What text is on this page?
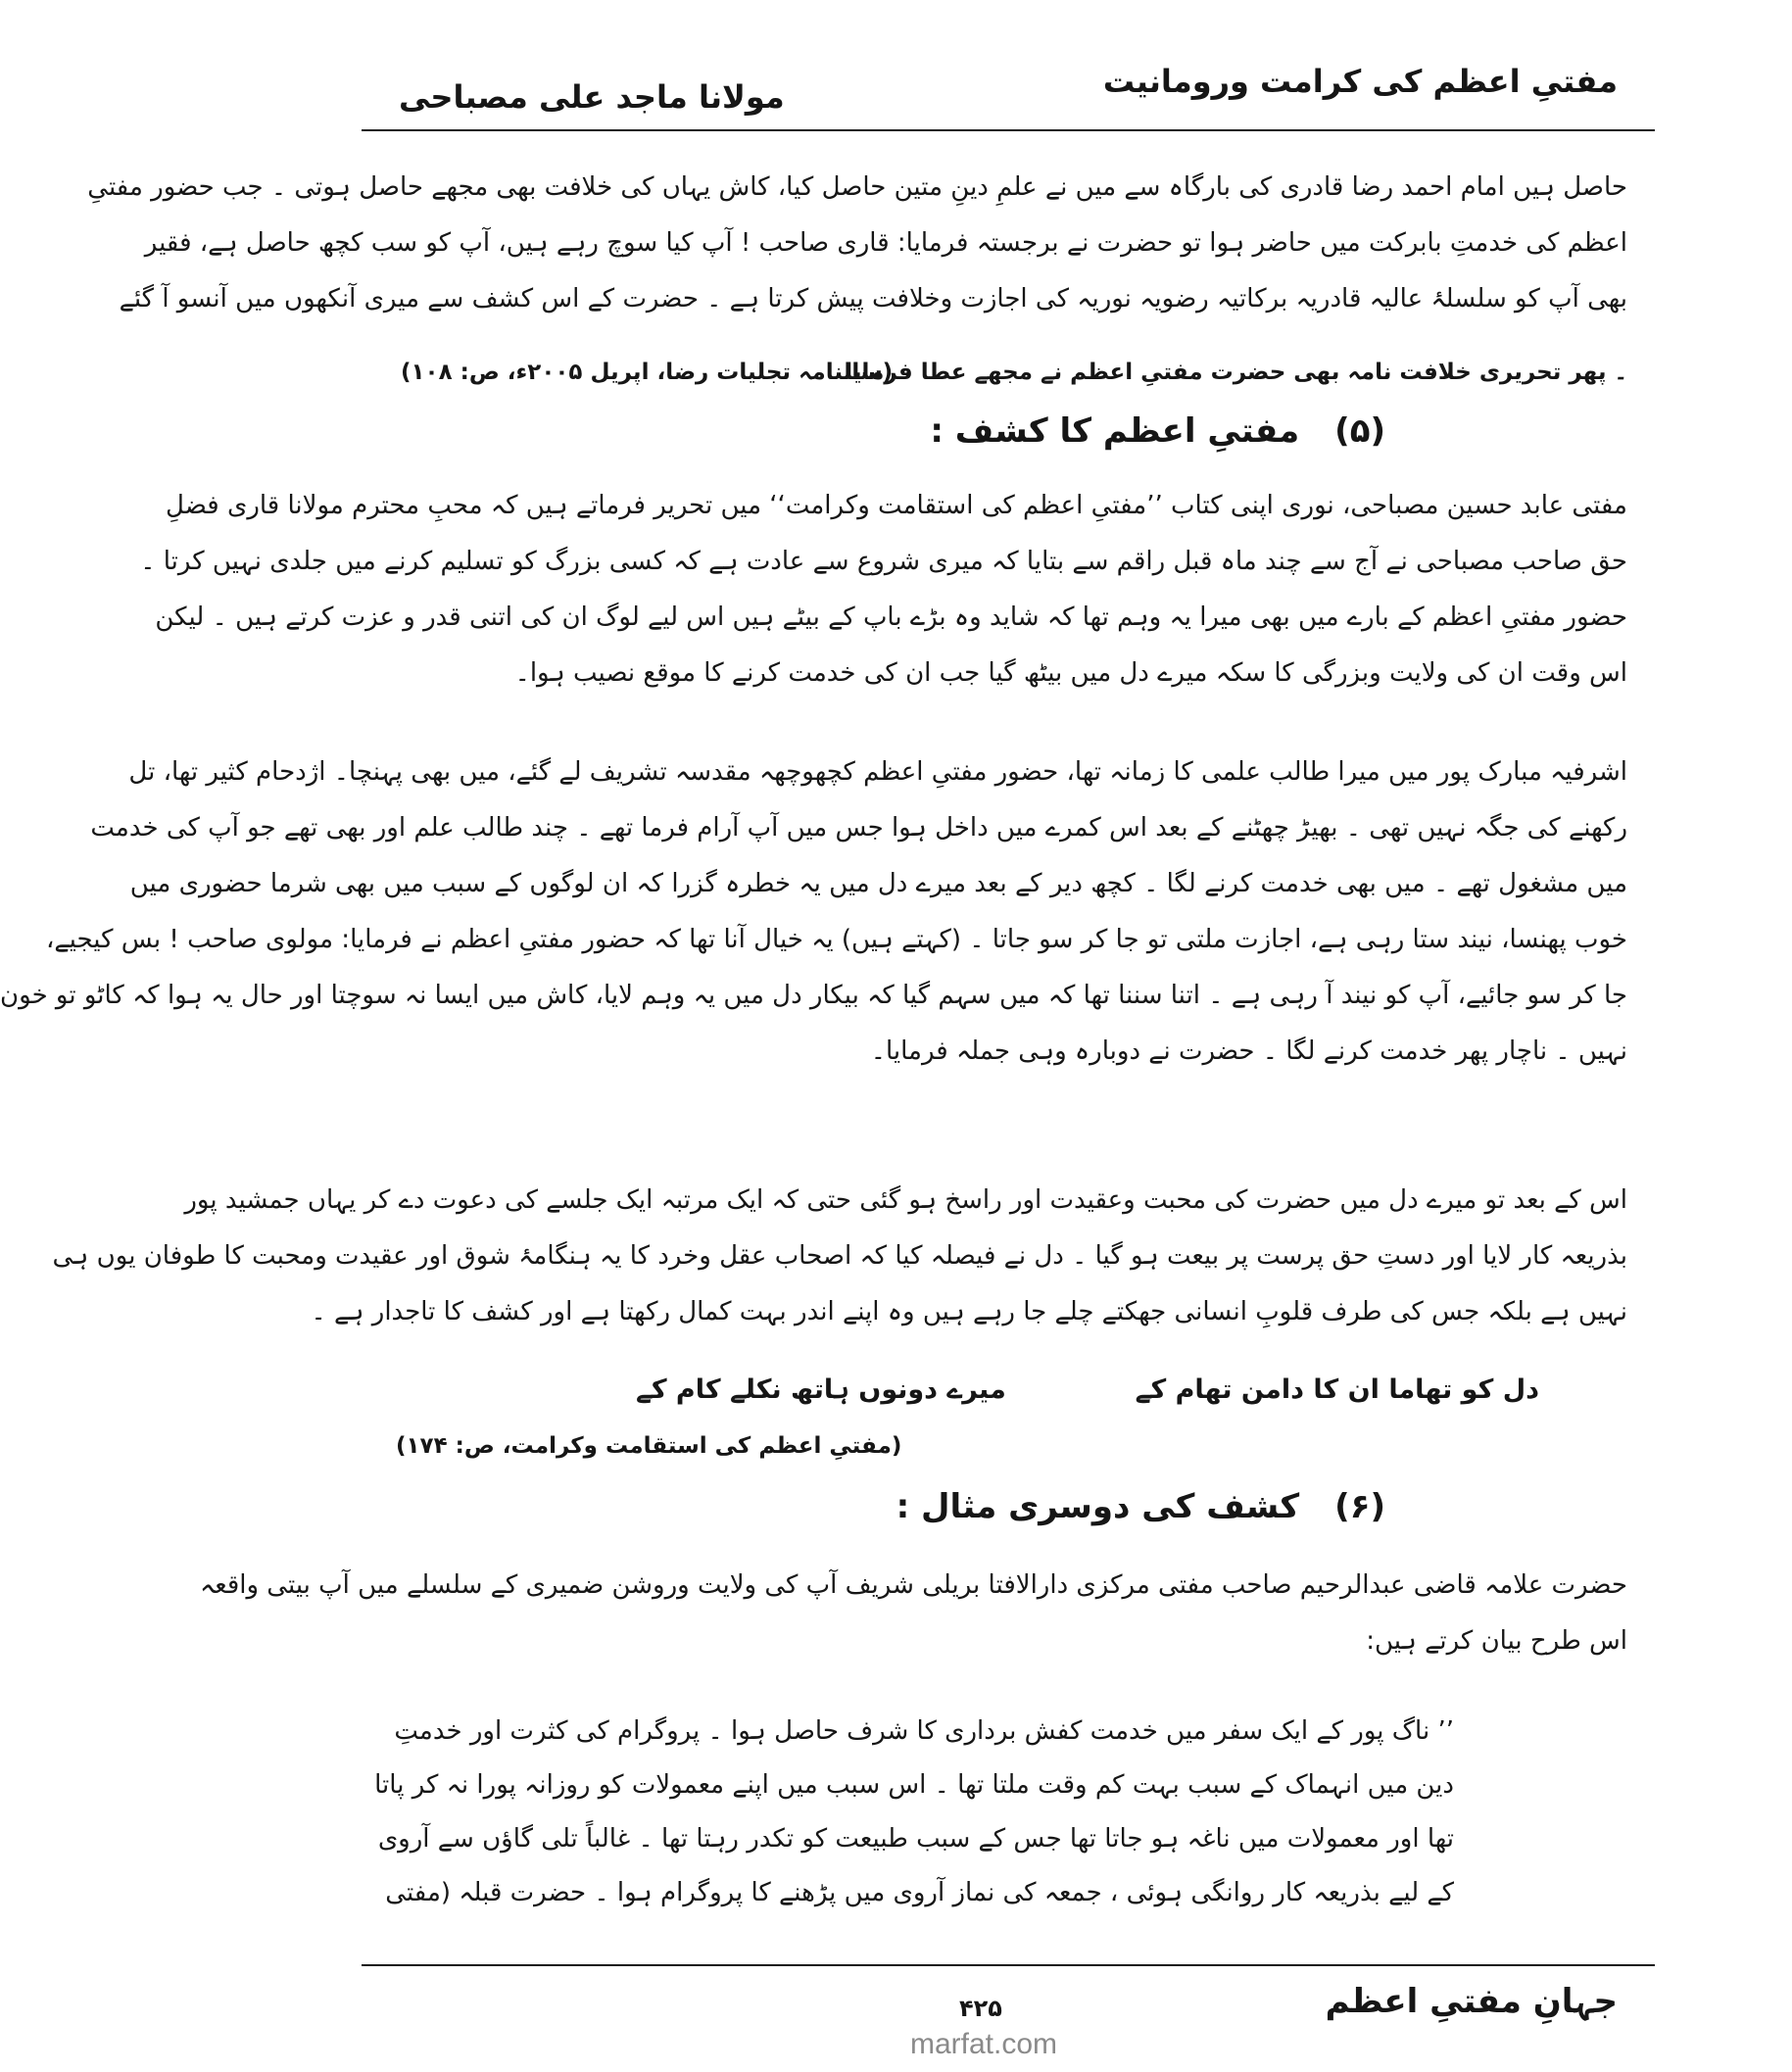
مفتیِ اعظم کی کرامت ورومانیت
مولانا ماجد علی مصباحی
حاصل ہیں امام احمد رضا قادری کی بارگاہ سے میں نے علمِ دینِ متین حاصل کیا، کاش یہاں کی خلافت بھی مجھے حاصل ہوتی ۔ جب حضور مفتیِ
اعظم کی خدمتِ بابرکت میں حاضر ہوا تو حضرت نے برجستہ فرمایا: قاری صاحب ! آپ کیا سوچ رہے ہیں، آپ کو سب کچھ حاصل ہے، فقیر
بھی آپ کو سلسلۂ عالیہ قادریہ برکاتیہ رضویہ نوریہ کی اجازت وخلافت پیش کرتا ہے ۔ حضرت کے اس کشف سے میری آنکھوں میں آنسو آ گئے
۔ پھر تحریری خلافت نامہ بھی حضرت مفتیِ اعظم نے مجھے عطا فرمایا
(سالنامہ تجلیات رضا، اپریل ۲۰۰۵ء، ص: ۱۰۸)
(۵)مفتیِ اعظم کا کشف :
مفتی عابد حسین مصباحی، نوری اپنی کتاب ’’مفتیِ اعظم کی استقامت وکرامت‘‘ میں تحریر فرماتے ہیں کہ محبِ محترم مولانا قاری فضلِ
حق صاحب مصباحی نے آج سے چند ماہ قبل راقم سے بتایا کہ میری شروع سے عادت ہے کہ کسی بزرگ کو تسلیم کرنے میں جلدی نہیں کرتا ۔
حضور مفتیِ اعظم کے بارے میں بھی میرا یہ وہم تھا کہ شاید وہ بڑے باپ کے بیٹے ہیں اس لیے لوگ ان کی اتنی قدر و عزت کرتے ہیں ۔ لیکن
اس وقت ان کی ولایت وبزرگی کا سکہ میرے دل میں بیٹھ گیا جب ان کی خدمت کرنے کا موقع نصیب ہوا۔
اشرفیہ مبارک پور میں میرا طالب علمی کا زمانہ تھا، حضور مفتیِ اعظم کچھوچھہ مقدسہ تشریف لے گئے، میں بھی پہنچا۔ اژدحام کثیر تھا، تل
رکھنے کی جگہ نہیں تھی ۔ بھیڑ چھٹنے کے بعد اس کمرے میں داخل ہوا جس میں آپ آرام فرما تھے ۔ چند طالب علم اور بھی تھے جو آپ کی خدمت
میں مشغول تھے ۔ میں بھی خدمت کرنے لگا ۔ کچھ دیر کے بعد میرے دل میں یہ خطرہ گزرا کہ ان لوگوں کے سبب میں بھی شرما حضوری میں
خوب پھنسا، نیند ستا رہی ہے، اجازت ملتی تو جا کر سو جاتا ۔ (کہتے ہیں) یہ خیال آنا تھا کہ حضور مفتیِ اعظم نے فرمایا: مولوی صاحب ! بس کیجیے،
جا کر سو جائیے، آپ کو نیند آ رہی ہے ۔ اتنا سننا تھا کہ میں سہم گیا کہ بیکار دل میں یہ وہم لایا، کاش میں ایسا نہ سوچتا اور حال یہ ہوا کہ کاٹو تو خون
نہیں ۔ ناچار پھر خدمت کرنے لگا ۔ حضرت نے دوبارہ وہی جملہ فرمایا۔
اس کے بعد تو میرے دل میں حضرت کی محبت وعقیدت اور راسخ ہو گئی حتی کہ ایک مرتبہ ایک جلسے کی دعوت دے کر یہاں جمشید پور
بذریعہ کار لایا اور دستِ حق پرست پر بیعت ہو گیا ۔ دل نے فیصلہ کیا کہ اصحاب عقل وخرد کا یہ ہنگامۂ شوق اور عقیدت ومحبت کا طوفان یوں ہی
نہیں ہے بلکہ جس کی طرف قلوبِ انسانی جھکتے چلے جا رہے ہیں وہ اپنے اندر بہت کمال رکھتا ہے اور کشف کا تاجدار ہے ۔
دل کو تھاما ان کا دامن تھام کے
میرے دونوں ہاتھ نکلے کام کے
(مفتیِ اعظم کی استقامت وکرامت، ص: ۱۷۴)
(۶)کشف کی دوسری مثال :
حضرت علامہ قاضی عبدالرحیم صاحب مفتی مرکزی دارالافتا بریلی شریف آپ کی ولایت وروشن ضمیری کے سلسلے میں آپ بیتی واقعہ
اس طرح بیان کرتے ہیں:
’’ ناگ پور کے ایک سفر میں خدمت کفش برداری کا شرف حاصل ہوا ۔ پروگرام کی کثرت اور خدمتِ
دین میں انہماک کے سبب بہت کم وقت ملتا تھا ۔ اس سبب میں اپنے معمولات کو روزانہ پورا نہ کر پاتا
تھا اور معمولات میں ناغہ ہو جاتا تھا جس کے سبب طبیعت کو تکدر رہتا تھا ۔ غالباً تلی گاؤں سے آروی
کے لیے بذریعہ کار روانگی ہوئی ، جمعہ کی نماز آروی میں پڑھنے کا پروگرام ہوا ۔ حضرت قبلہ (مفتی
جہانِ مفتیِ اعظم
۴۲۵
marfat.com
